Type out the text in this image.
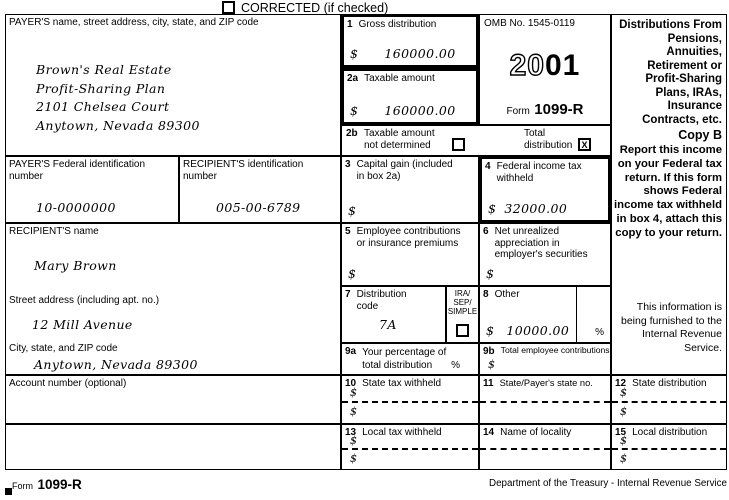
CORRECTED (if checked)
PAYER'S name, street address, city, state, and ZIP code
Brown's Real Estate
Profit-Sharing Plan
2101 Chelsea Court
Anytown, Nevada 89300
PAYER'S Federal identification number
10-0000000
RECIPIENT'S identification number
005-00-6789
RECIPIENT'S name
Mary Brown
Street address (including apt. no.)
12 Mill Avenue
City, state, and ZIP code
Anytown, Nevada 89300
Account number (optional)
1 Gross distribution
$ 160000.00
2a Taxable amount
$ 160000.00
OMB No. 1545-0119
2001
Form 1099-R
2b Taxable amount not determined
Total distribution	X
3 Capital gain (included in box 2a)
$
4 Federal income tax withheld
$ 32000.00
5 Employee contributions or insurance premiums
$
6 Net unrealized appreciation in employer's securities
$
7 Distribution code
7A
IRA/ SEP/ SIMPLE
8 Other
$ 10000.00	%
9a Your percentage of total distribution	%
9b Total employee contributions
$
10 State tax withheld
$
$
11 State/Payer's state no.
13 Local tax withheld
$
$
14 Name of locality
Distributions From Pensions, Annuities, Retirement or Profit-Sharing Plans, IRAs, Insurance Contracts, etc.
Copy B
Report this income on your Federal tax return. If this form shows Federal income tax withheld in box 4, attach this copy to your return.
This information is being furnished to the Internal Revenue Service.
12 State distribution
$
$
15 Local distribution
$
$
Form 1099-R	Department of the Treasury - Internal Revenue Service
